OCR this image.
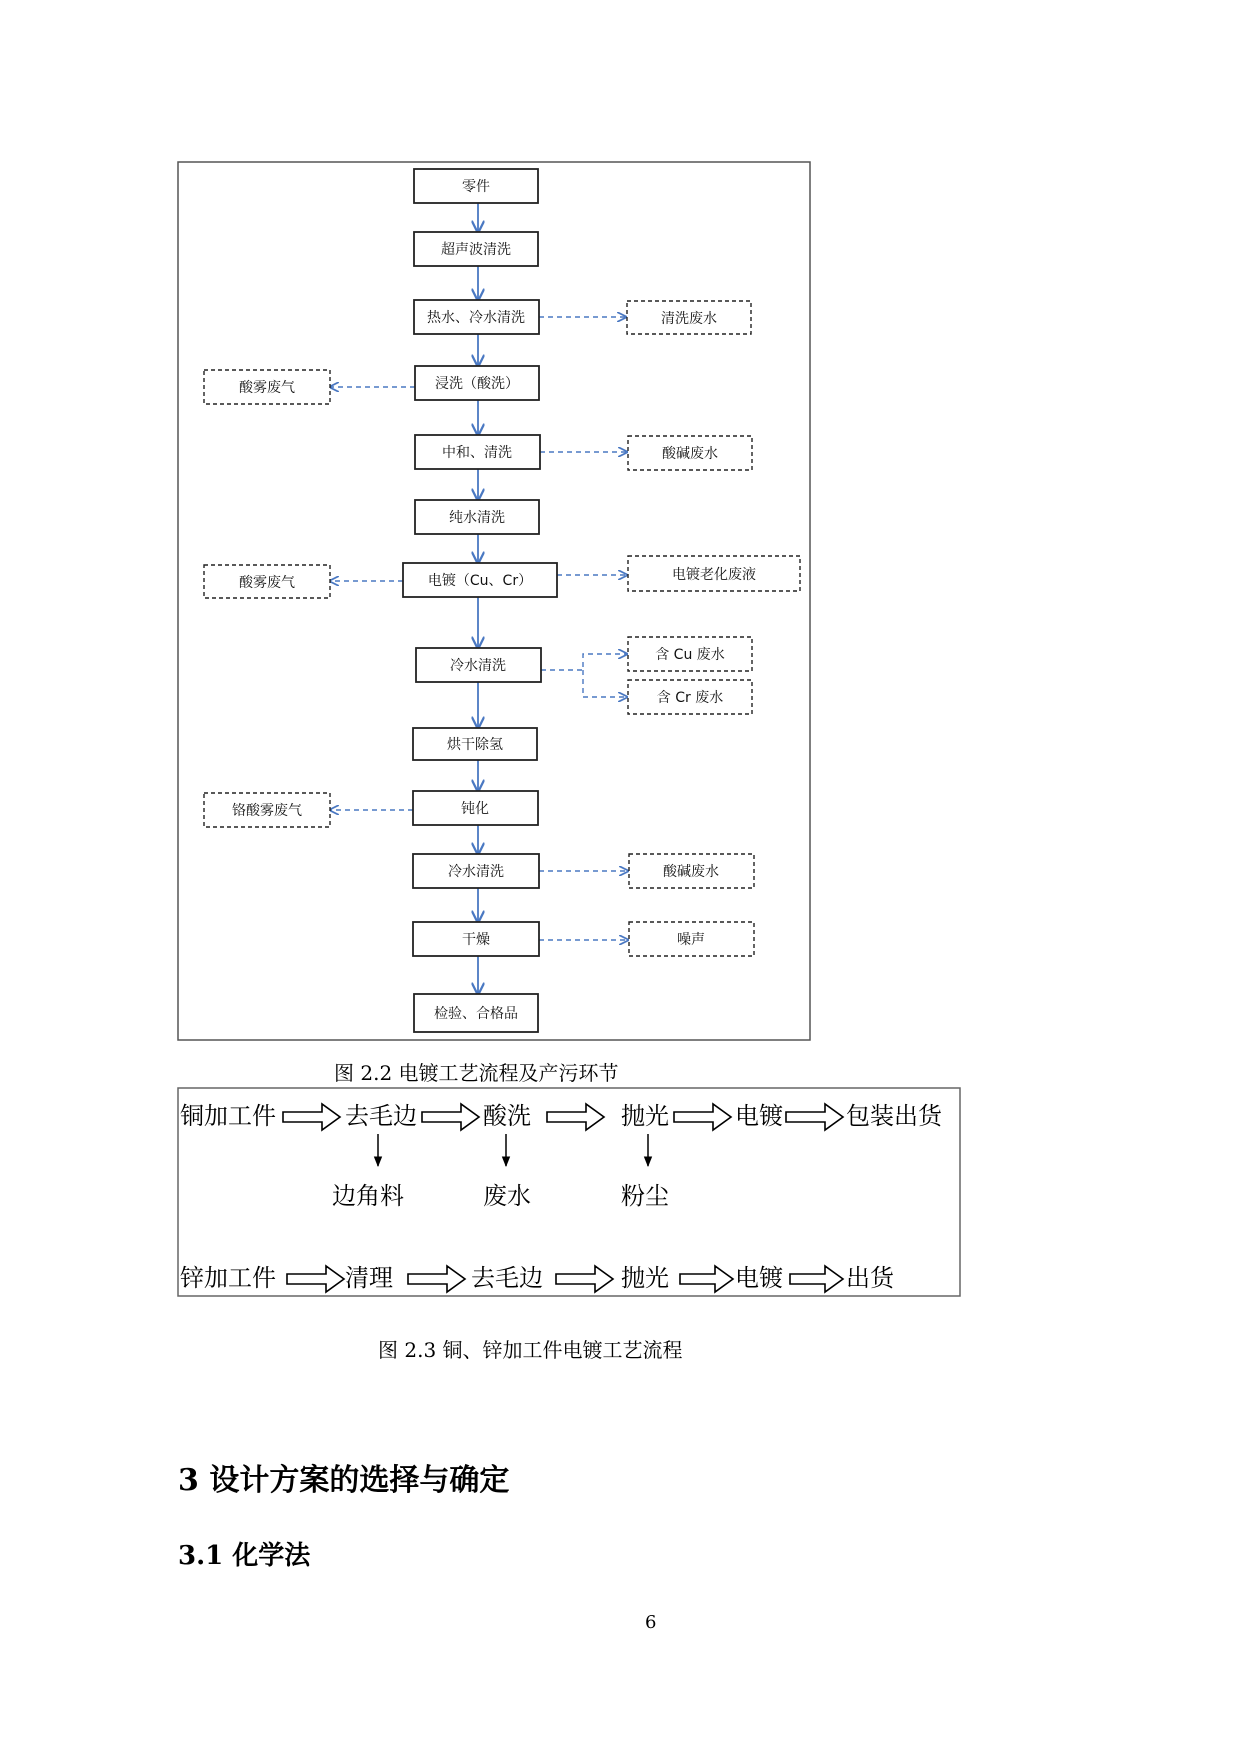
零件
超声波清洗
热水、冷水清洗
浸洗（酸洗）
中和、清洗
纯水清洗
电镀（Cu、Cr）
冷水清洗
烘干除氢
钝化
冷水清洗
干燥
检验、合格品
清洗废水
酸雾废气
酸碱废水
酸雾废气	电镀老化废液
含 Cu 废水
含 Cr 废水
铬酸雾废气
酸碱废水
噪声
铜加工件	去毛边	酸洗	抛光	电镀	包装出货
边角料	废水	粉尘
锌加工件	清理	去毛边	抛光	电镀	出货
图 2.2 电镀工艺流程及产污环节
图 2.3 铜、锌加工件电镀工艺流程
3 设计方案的选择与确定
3.1 化学法
6
